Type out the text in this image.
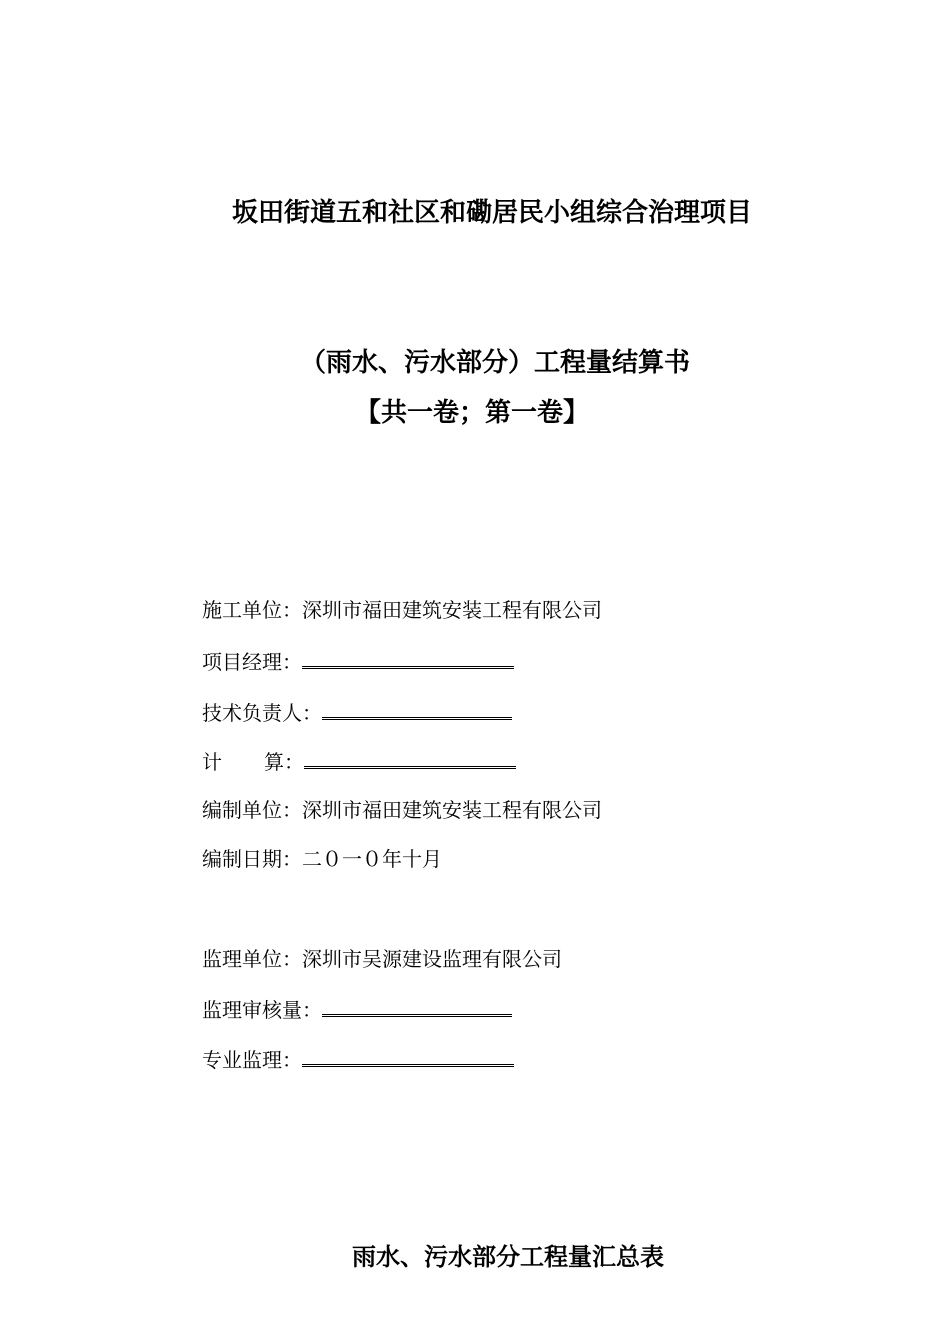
坂田街道五和社区和磡居民小组综合治理项目
（雨水、污水部分）工程量结算书
【共一卷；第一卷】
施工单位： 深圳市福田建筑安装工程有限公司
项目经理：
技术负责人：
计 算：
编制单位： 深圳市福田建筑安装工程有限公司
编制日期： 二０一０年十月
监理单位： 深圳市吴源建设监理有限公司
监理审核量：
专业监理：
雨水、污水部分工程量汇总表
